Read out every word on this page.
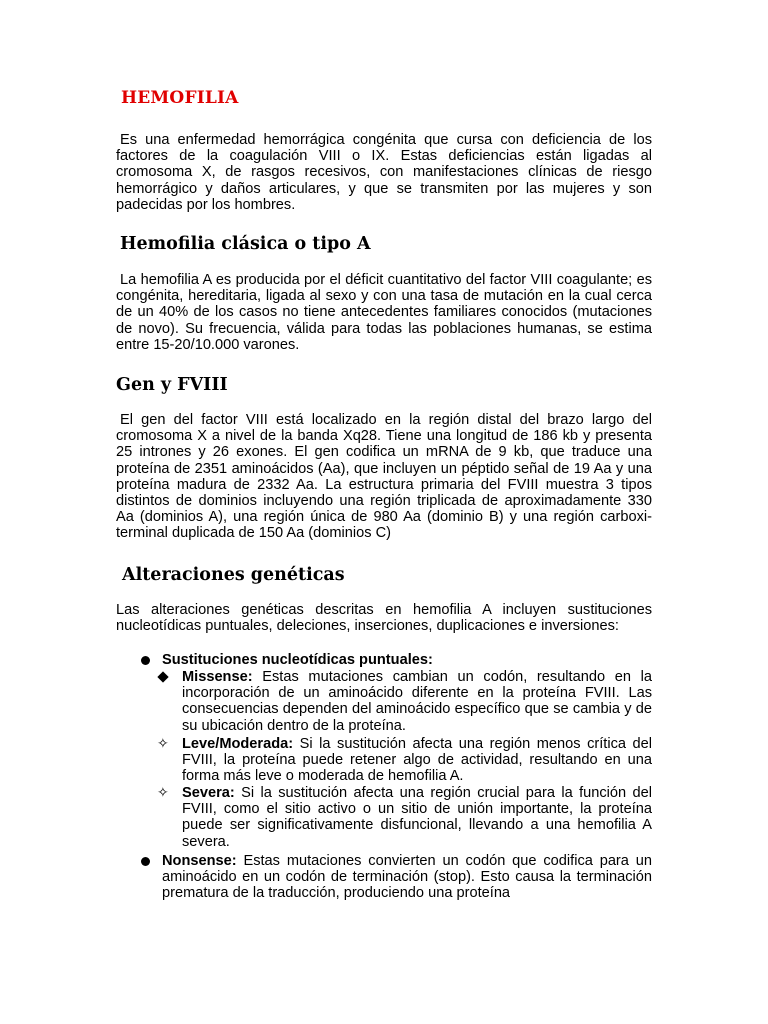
HEMOFILIA

Es una enfermedad hemorrágica congénita que cursa con deficiencia de los factores de la coagulación VIII o IX. Estas deficiencias están ligadas al cromosoma X, de rasgos recesivos, con manifestaciones clínicas de riesgo hemorrágico y daños articulares, y que se transmiten por las mujeres y son padecidas por los hombres.

Hemofilia clásica o tipo A

La hemofilia A es producida por el déficit cuantitativo del factor VIII coagulante; es congénita, hereditaria, ligada al sexo y con una tasa de mutación en la cual cerca de un 40% de los casos no tiene antecedentes familiares conocidos (mutaciones de novo). Su frecuencia, válida para todas las poblaciones humanas, se estima entre 15-20/10.000 varones.

Gen y FVIII

El gen del factor VIII está localizado en la región distal del brazo largo del cromosoma X a nivel de la banda Xq28. Tiene una longitud de 186 kb y presenta 25 intrones y 26 exones. El gen codifica un mRNA de 9 kb, que traduce una proteína de 2351 aminoácidos (Aa), que incluyen un péptido señal de 19 Aa y una proteína madura de 2332 Aa. La estructura primaria del FVIII muestra 3 tipos distintos de dominios incluyendo una región triplicada de aproximadamente 330 Aa (dominios A), una región única de 980 Aa (dominio B) y una región carboxi-terminal duplicada de 150 Aa (dominios C)

Alteraciones genéticas

Las alteraciones genéticas descritas en hemofilia A incluyen sustituciones nucleotídicas puntuales, deleciones, inserciones, duplicaciones e inversiones:

Sustituciones nucleotídicas puntuales:

Missense: Estas mutaciones cambian un codón, resultando en la incorporación de un aminoácido diferente en la proteína FVIII. Las consecuencias dependen del aminoácido específico que se cambia y de su ubicación dentro de la proteína.

✧ Leve/Moderada: Si la sustitución afecta una región menos crítica del FVIII, la proteína puede retener algo de actividad, resultando en una forma más leve o moderada de hemofilia A.

✧ Severa: Si la sustitución afecta una región crucial para la función del FVIII, como el sitio activo o un sitio de unión importante, la proteína puede ser significativamente disfuncional, llevando a una hemofilia A severa.

Nonsense: Estas mutaciones convierten un codón que codifica para un aminoácido en un codón de terminación (stop). Esto causa la terminación prematura de la traducción, produciendo una proteína
